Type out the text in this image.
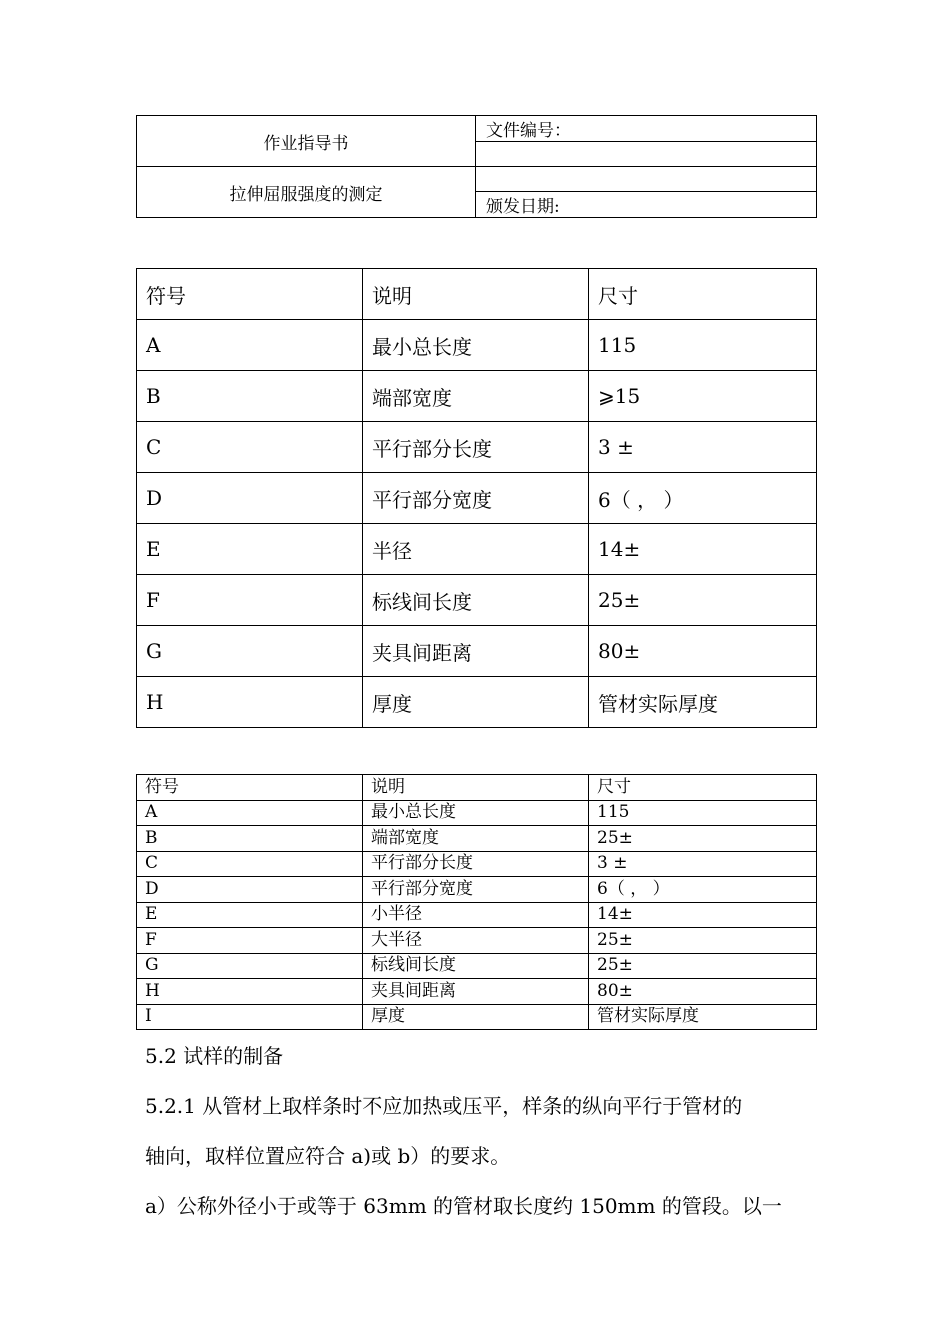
作业指导书	文件编号：

拉伸屈服强度的测定	
	颁发日期:
符号	说明	尺寸
A	最小总长度	115
B	端部宽度	⩾15
C	平行部分长度	3 ±
D	平行部分宽度	6（ ， ）
E	半径	14±
F	标线间长度	25±
G	夹具间距离	80±
H	厚度	管材实际厚度
符号	说明	尺寸
A	最小总长度	115
B	端部宽度	25±
C	平行部分长度	3 ±
D	平行部分宽度	6（ ， ）
E	小半径	14±
F	大半径	25±
G	标线间长度	25±
H	夹具间距离	80±
I	厚度	管材实际厚度
5.2 试样的制备
5.2.1 从管材上取样条时不应加热或压平，样条的纵向平行于管材的
轴向，取样位置应符合 a)或 b）的要求。
a）公称外径小于或等于 63mm 的管材取长度约 150mm 的管段。以一
